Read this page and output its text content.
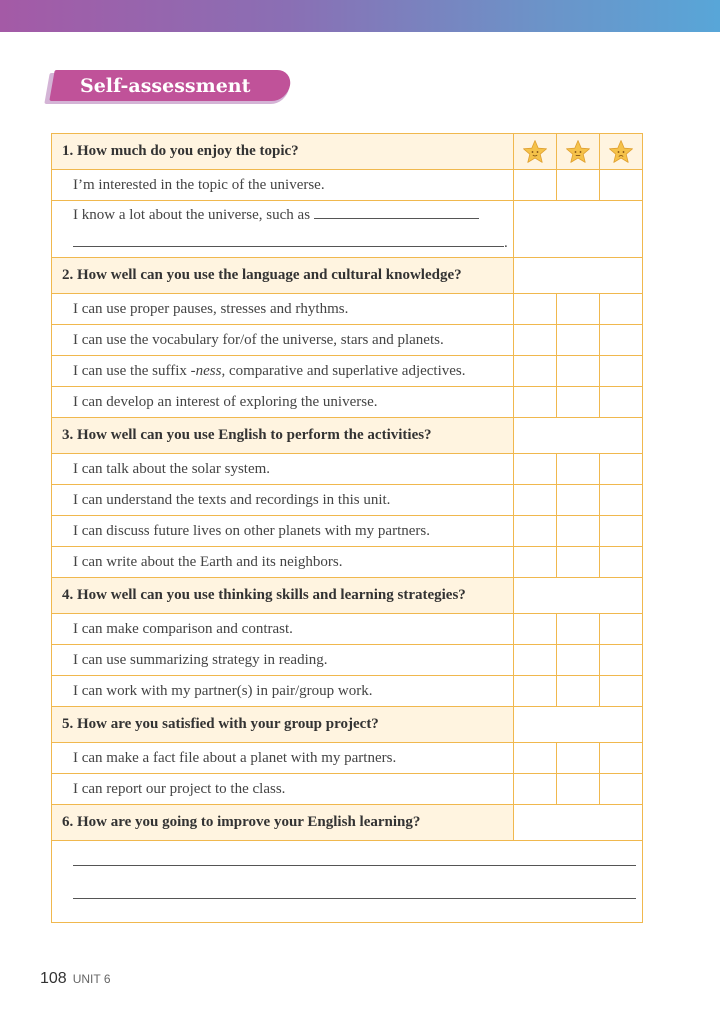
Self-assessment
1. How much do you enjoy the topic?			
I’m interested in the topic of the universe.			
I know a lot about the universe, such as
.			
2. How well can you use the language and cultural knowledge?			
I can use proper pauses, stresses and rhythms.			
I can use the vocabulary for/of the universe, stars and planets.			
I can use the suffix -ness, comparative and superlative adjectives.			
I can develop an interest of exploring the universe.			
3. How well can you use English to perform the activities?			
I can talk about the solar system.			
I can understand the texts and recordings in this unit.			
I can discuss future lives on other planets with my partners.			
I can write about the Earth and its neighbors.			
4. How well can you use thinking skills and learning strategies?			
I can make comparison and contrast.			
I can use summarizing strategy in reading.			
I can work with my partner(s) in pair/group work.			
5. How are you satisfied with your group project?			
I can make a fact file about a planet with my partners.			
I can report our project to the class.			
6. How are you going to improve your English learning?			

108 UNIT 6
